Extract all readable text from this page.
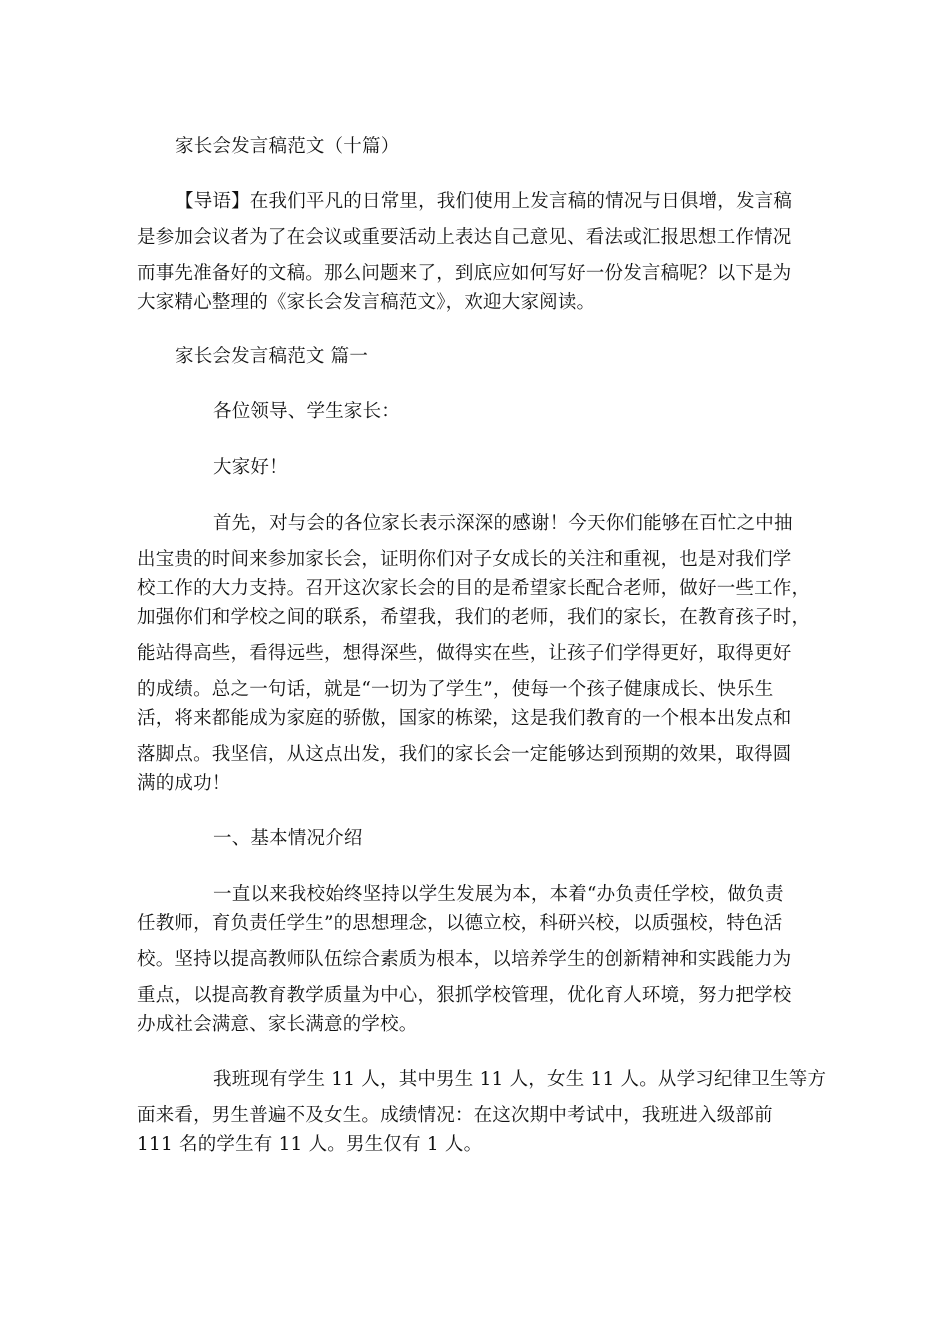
家长会发言稿范文（十篇）
【导语】在我们平凡的日常里，我们使用上发言稿的情况与日俱增，发言稿
是参加会议者为了在会议或重要活动上表达自己意见、看法或汇报思想工作情况
而事先准备好的文稿。那么问题来了，到底应如何写好一份发言稿呢？以下是为
大家精心整理的《家长会发言稿范文》，欢迎大家阅读。
家长会发言稿范文 篇一
各位领导、学生家长：
大家好！
首先，对与会的各位家长表示深深的感谢！今天你们能够在百忙之中抽
出宝贵的时间来参加家长会，证明你们对子女成长的关注和重视，也是对我们学
校工作的大力支持。召开这次家长会的目的是希望家长配合老师，做好一些工作，
加强你们和学校之间的联系，希望我，我们的老师，我们的家长，在教育孩子时，
能站得高些，看得远些，想得深些，做得实在些，让孩子们学得更好，取得更好
的成绩。总之一句话，就是“一切为了学生”，使每一个孩子健康成长、快乐生
活，将来都能成为家庭的骄傲，国家的栋梁，这是我们教育的一个根本出发点和
落脚点。我坚信，从这点出发，我们的家长会一定能够达到预期的效果，取得圆
满的成功！
一、基本情况介绍
一直以来我校始终坚持以学生发展为本，本着“办负责任学校，做负责
任教师，育负责任学生”的思想理念，以德立校，科研兴校，以质强校，特色活
校。坚持以提高教师队伍综合素质为根本，以培养学生的创新精神和实践能力为
重点，以提高教育教学质量为中心，狠抓学校管理，优化育人环境，努力把学校
办成社会满意、家长满意的学校。
我班现有学生 11 人，其中男生 11 人，女生 11 人。从学习纪律卫生等方
面来看，男生普遍不及女生。成绩情况：在这次期中考试中，我班进入级部前
111 名的学生有 11 人。男生仅有 1 人。
